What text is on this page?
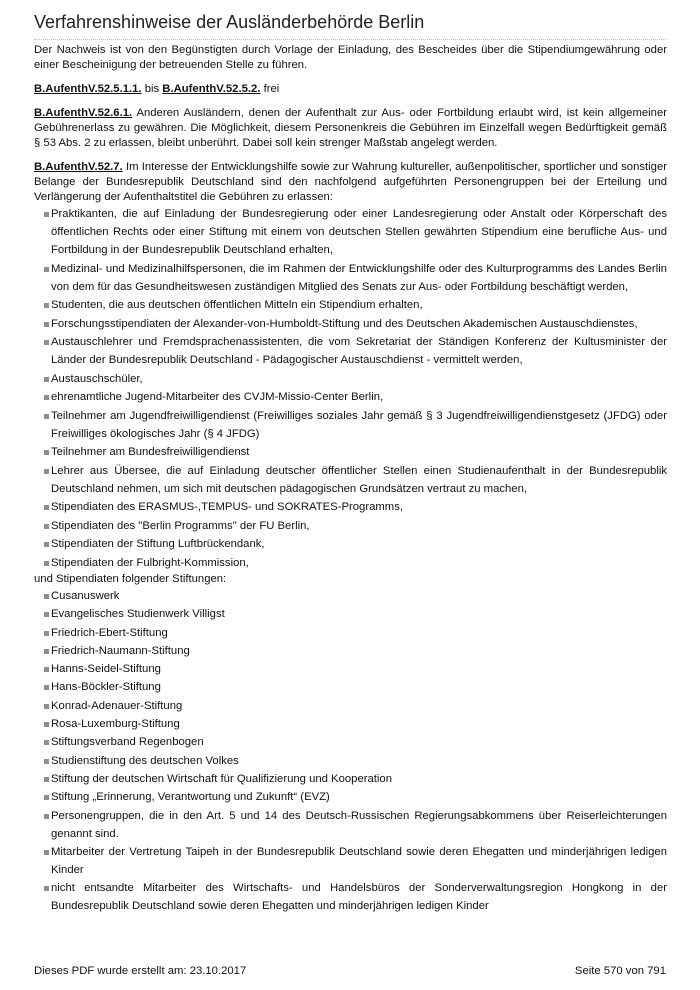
Verfahrenshinweise der Ausländerbehörde Berlin

Der Nachweis ist von den Begünstigten durch Vorlage der Einladung, des Bescheides über die Stipendiumgewährung oder einer Bescheinigung der betreuenden Stelle zu führen.

B.AufenthV.52.5.1.1. bis B.AufenthV.52.5.2. frei

B.AufenthV.52.6.1. Anderen Ausländern, denen der Aufenthalt zur Aus- oder Fortbildung erlaubt wird, ist kein allgemeiner Gebührenerlass zu gewähren. Die Möglichkeit, diesem Personenkreis die Gebühren im Einzelfall wegen Bedürftigkeit gemäß § 53 Abs. 2 zu erlassen, bleibt unberührt. Dabei soll kein strenger Maßstab angelegt werden.

B.AufenthV.52.7. Im Interesse der Entwicklungshilfe sowie zur Wahrung kultureller, außenpolitischer, sportlicher und sonstiger Belange der Bundesrepublik Deutschland sind den nachfolgend aufgeführten Personengruppen bei der Erteilung und Verlängerung der Aufenthaltstitel die Gebühren zu erlassen:

Praktikanten, die auf Einladung der Bundesregierung oder einer Landesregierung oder Anstalt oder Körperschaft des öffentlichen Rechts oder einer Stiftung mit einem von deutschen Stellen gewährten Stipendium eine berufliche Aus- und Fortbildung in der Bundesrepublik Deutschland erhalten,
Medizinal- und Medizinalhilfspersonen, die im Rahmen der Entwicklungshilfe oder des Kulturprogramms des Landes Berlin von dem für das Gesundheitswesen zuständigen Mitglied des Senats zur Aus- oder Fortbildung beschäftigt werden,
Studenten, die aus deutschen öffentlichen Mitteln ein Stipendium erhalten,
Forschungsstipendiaten der Alexander-von-Humboldt-Stiftung und des Deutschen Akademischen Austauschdienstes,
Austauschlehrer und Fremdsprachenassistenten, die vom Sekretariat der Ständigen Konferenz der Kultusminister der Länder der Bundesrepublik Deutschland - Pädagogischer Austauschdienst - vermittelt werden,
Austauschschüler,
ehrenamtliche Jugend-Mitarbeiter des CVJM-Missio-Center Berlin,
Teilnehmer am Jugendfreiwilligendienst (Freiwilliges soziales Jahr gemäß § 3 Jugendfreiwilligendienstgesetz (JFDG) oder Freiwilliges ökologisches Jahr (§ 4 JFDG)
Teilnehmer am Bundesfreiwilligendienst
Lehrer aus Übersee, die auf Einladung deutscher öffentlicher Stellen einen Studienaufenthalt in der Bundesrepublik Deutschland nehmen, um sich mit deutschen pädagogischen Grundsätzen vertraut zu machen,
Stipendiaten des ERASMUS-,TEMPUS- und SOKRATES-Programms,
Stipendiaten des "Berlin Programms" der FU Berlin,
Stipendiaten der Stiftung Luftbrückendank,
Stipendiaten der Fulbright-Kommission,

und Stipendiaten folgender Stiftungen:

Cusanuswerk
Evangelisches Studienwerk Villigst
Friedrich-Ebert-Stiftung
Friedrich-Naumann-Stiftung
Hanns-Seidel-Stiftung
Hans-Böckler-Stiftung
Konrad-Adenauer-Stiftung
Rosa-Luxemburg-Stiftung
Stiftungsverband Regenbogen
Studienstiftung des deutschen Volkes
Stiftung der deutschen Wirtschaft für Qualifizierung und Kooperation
Stiftung „Erinnerung, Verantwortung und Zukunft“ (EVZ)
Personengruppen, die in den Art. 5 und 14 des Deutsch-Russischen Regierungsabkommens über Reiserleichterungen genannt sind.
Mitarbeiter der Vertretung Taipeh in der Bundesrepublik Deutschland sowie deren Ehegatten und minderjährigen ledigen Kinder
nicht entsandte Mitarbeiter des Wirtschafts- und Handelsbüros der Sonderverwaltungsregion Hongkong in der Bundesrepublik Deutschland sowie deren Ehegatten und minderjährigen ledigen Kinder
Dieses PDF wurde erstellt am: 23.10.2017	Seite 570 von 791
